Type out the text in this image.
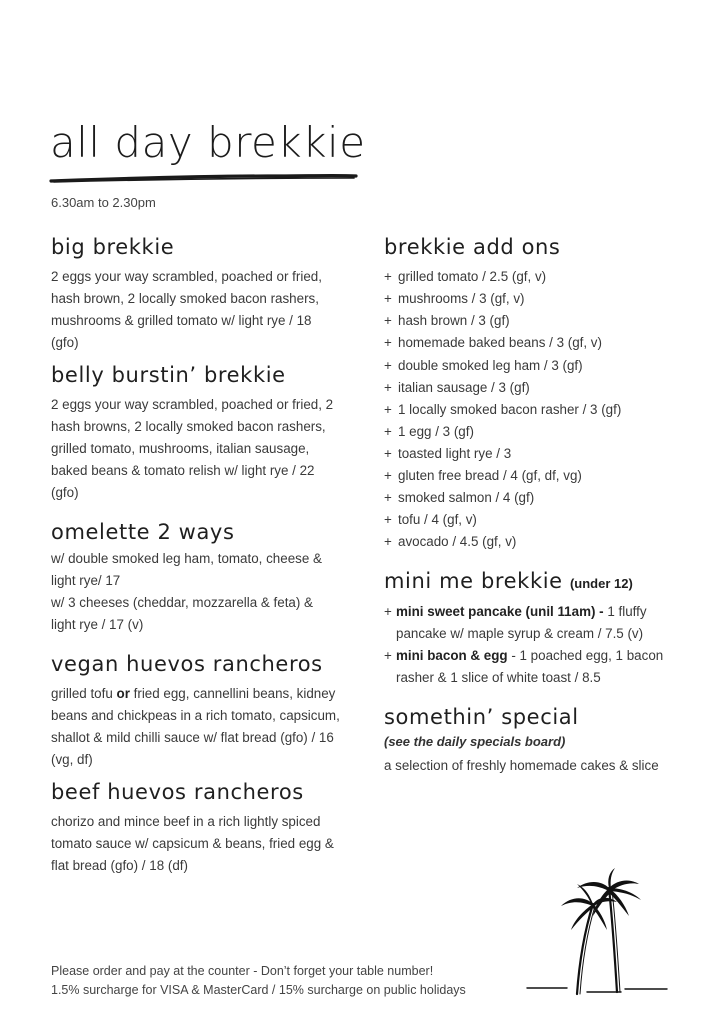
all day brekkie
6.30am to 2.30pm
big brekkie

2 eggs your way scrambled, poached or fried, hash brown, 2 locally smoked bacon rashers, mushrooms & grilled tomato w/ light rye / 18 (gfo)

belly burstin’ brekkie

2 eggs your way scrambled, poached or fried, 2 hash browns, 2 locally smoked bacon rashers, grilled tomato, mushrooms, italian sausage, baked beans & tomato relish w/ light rye / 22 (gfo)

omelette 2 ways

w/ double smoked leg ham, tomato, cheese & light rye/ 17

w/ 3 cheeses (cheddar, mozzarella & feta) & light rye / 17 (v)

vegan huevos rancheros

grilled tofu or fried egg, cannellini beans, kidney beans and chickpeas in a rich tomato, capsicum, shallot & mild chilli sauce w/ flat bread (gfo) / 16 (vg, df)

beef huevos rancheros

chorizo and mince beef in a rich lightly spiced tomato sauce w/ capsicum & beans, fried egg & flat bread (gfo) / 18 (df)

brekkie add ons
+ grilled tomato / 2.5 (gf, v)
+ mushrooms / 3 (gf, v)
+ hash brown / 3 (gf)
+ homemade baked beans / 3 (gf, v)
+ double smoked leg ham / 3 (gf)
+ italian sausage / 3 (gf)
+ 1 locally smoked bacon rasher / 3 (gf)
+ 1 egg / 3 (gf)
+ toasted light rye / 3
+ gluten free bread / 4 (gf, df, vg)
+ smoked salmon / 4 (gf)
+ tofu / 4 (gf, v)
+ avocado / 4.5 (gf, v)
mini me brekkie (under 12)
+ mini sweet pancake (unil 11am) - 1 fluffy pancake w/ maple syrup & cream / 7.5 (v)
+ mini bacon & egg - 1 poached egg, 1 bacon rasher & 1 slice of white toast / 8.5
somethin’ special
(see the daily specials board)

a selection of freshly homemade cakes & slice

Please order and pay at the counter - Don’t forget your table number!
1.5% surcharge for VISA & MasterCard / 15% surcharge on public holidays
